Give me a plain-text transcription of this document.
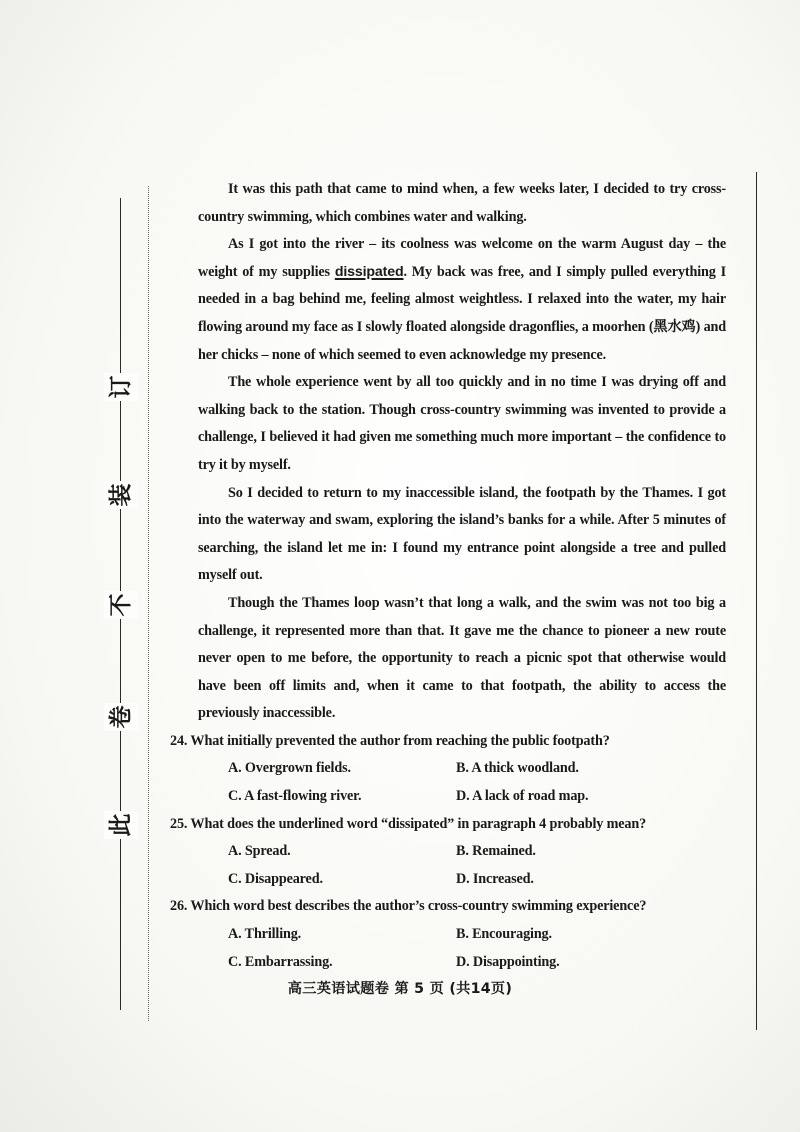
此
卷
不
装
订

It was this path that came to mind when, a few weeks later, I decided to try cross-country swimming, which combines water and walking.

As I got into the river – its coolness was welcome on the warm August day – the weight of my supplies dissipated. My back was free, and I simply pulled everything I needed in a bag behind me, feeling almost weightless. I relaxed into the water, my hair flowing around my face as I slowly floated alongside dragonflies, a moorhen (黑水鸡) and her chicks – none of which seemed to even acknowledge my presence.

The whole experience went by all too quickly and in no time I was drying off and walking back to the station. Though cross-country swimming was invented to provide a challenge, I believed it had given me something much more important – the confidence to try it by myself.

So I decided to return to my inaccessible island, the footpath by the Thames. I got into the waterway and swam, exploring the island’s banks for a while. After 5 minutes of searching, the island let me in: I found my entrance point alongside a tree and pulled myself out.

Though the Thames loop wasn’t that long a walk, and the swim was not too big a challenge, it represented more than that. It gave me the chance to pioneer a new route never open to me before, the opportunity to reach a picnic spot that otherwise would have been off limits and, when it came to that footpath, the ability to access the previously inaccessible.

24. What initially prevented the author from reaching the public footpath?
A. Overgrown fields.	B. A thick woodland.
C. A fast-flowing river.	D. A lack of road map.
25. What does the underlined word “dissipated” in paragraph 4 probably mean?
A. Spread.	B. Remained.
C. Disappeared.	D. Increased.
26. Which word best describes the author’s cross-country swimming experience?
A. Thrilling.	B. Encouraging.
C. Embarrassing.	D. Disappointing.
高三英语试题卷 第 5 页 (共14页)
